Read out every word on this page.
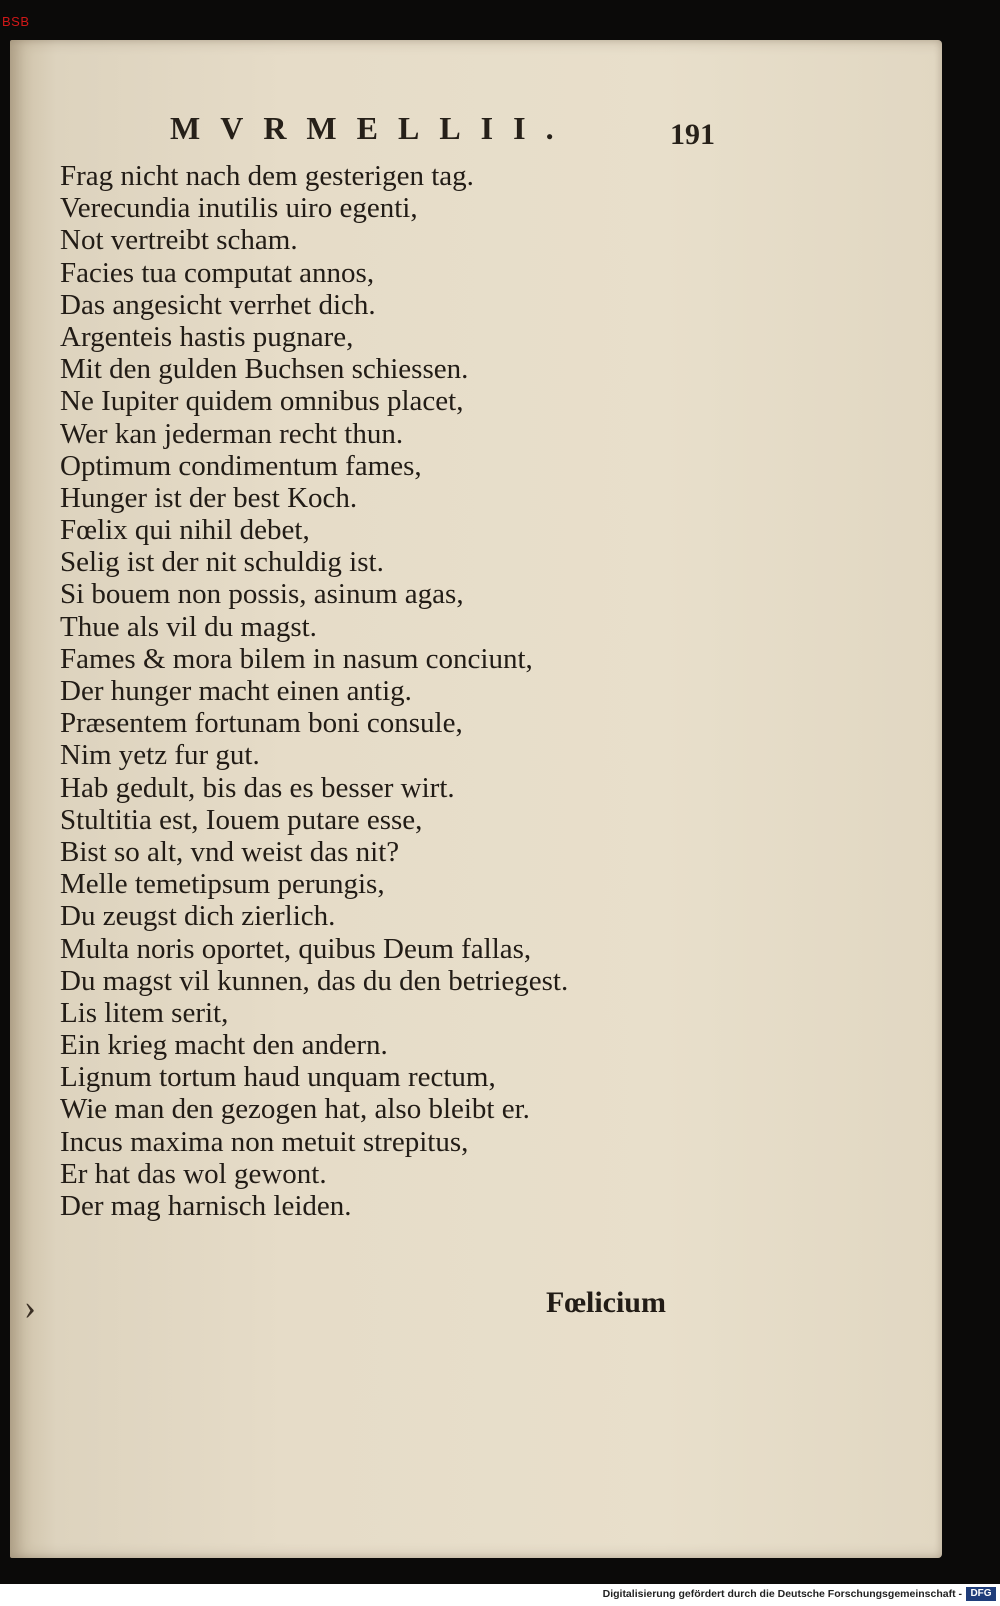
BSB
MVRMELLII.	191
Frag nicht nach dem gesterigen tag.
Verecundia inutilis uiro egenti,
Not vertreibt scham.
Facies tua computat annos,
Das angesicht verrhet dich.
Argenteis hastis pugnare,
Mit den gulden Buchsen schiessen.
Ne Iupiter quidem omnibus placet,
Wer kan jederman recht thun.
Optimum condimentum fames,
Hunger ist der best Koch.
Fœlix qui nihil debet,
Selig ist der nit schuldig ist.
Si bouem non possis, asinum agas,
Thue als vil du magst.
Fames & mora bilem in nasum conciunt,
Der hunger macht einen antig.
Præsentem fortunam boni consule,
Nim yetz fur gut.
Hab gedult, bis das es besser wirt.
Stultitia est, Iouem putare esse,
Bist so alt, vnd weist das nit?
Melle temetipsum perungis,
Du zeugst dich zierlich.
Multa noris oportet, quibus Deum fallas,
Du magst vil kunnen, das du den betriegest.
Lis litem serit,
Ein krieg macht den andern.
Lignum tortum haud unquam rectum,
Wie man den gezogen hat, also bleibt er.
Incus maxima non metuit strepitus,
Er hat das wol gewont.
Der mag harnisch leiden.
›	Fœlicium
Digitalisierung gefördert durch die Deutsche Forschungsgemeinschaft - DFG
